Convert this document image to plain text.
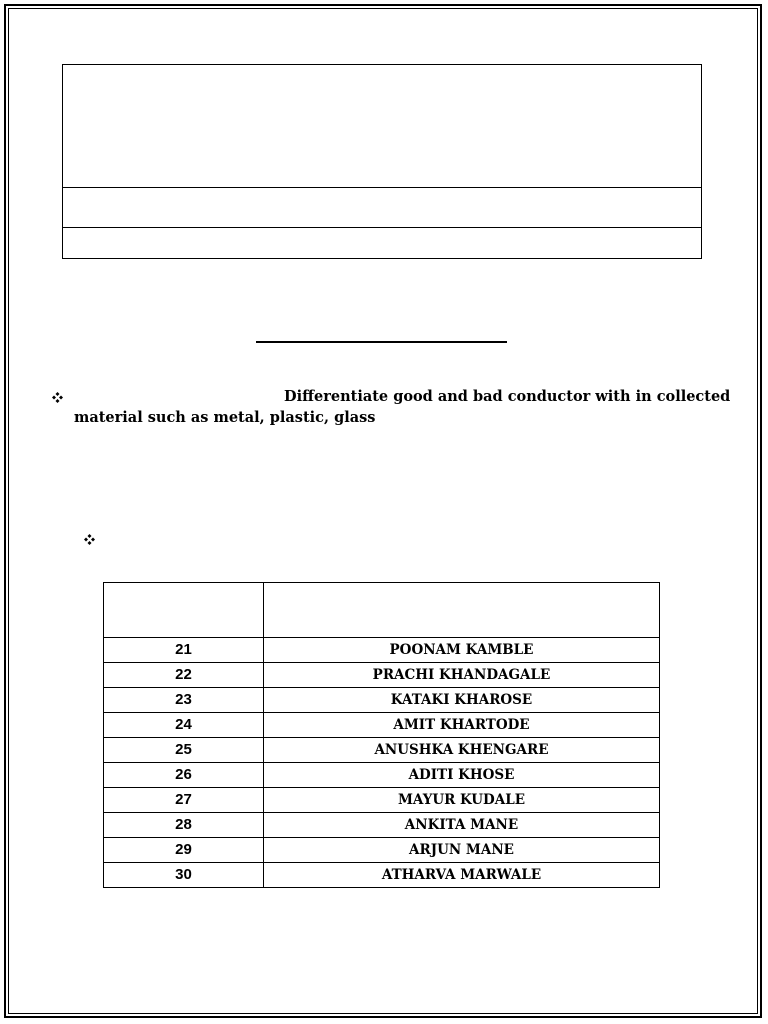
Differentiate good and bad conductor with in collected
material such as metal, plastic, glass

21	POONAM KAMBLE
22	PRACHI KHANDAGALE
23	KATAKI KHAROSE
24	AMIT KHARTODE
25	ANUSHKA KHENGARE
26	ADITI KHOSE
27	MAYUR KUDALE
28	ANKITA MANE
29	ARJUN MANE
30	ATHARVA MARWALE
